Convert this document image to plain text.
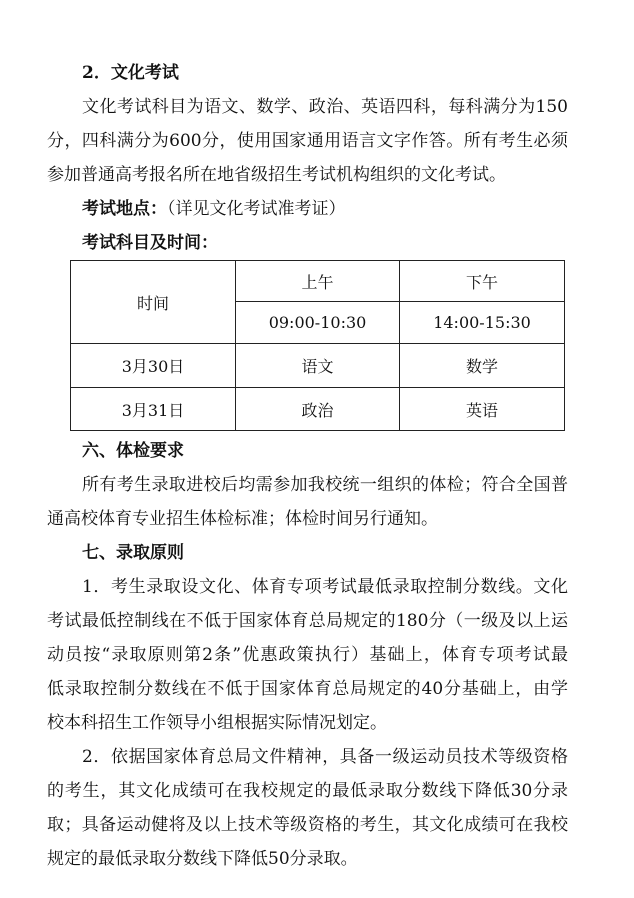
2．文化考试
文化考试科目为语文、数学、政治、英语四科，每科满分为150
分，四科满分为600分，使用国家通用语言文字作答。所有考生必须
参加普通高考报名所在地省级招生考试机构组织的文化考试。
考试地点：（详见文化考试准考证）
考试科目及时间：
时间	上午	下午
	09:00-10:30	14:00-15:30
3月30日	语文	数学
3月31日	政治	英语
六、体检要求
所有考生录取进校后均需参加我校统一组织的体检；符合全国普
通高校体育专业招生体检标准；体检时间另行通知。
七、录取原则
1．考生录取设文化、体育专项考试最低录取控制分数线。文化
考试最低控制线在不低于国家体育总局规定的180分（一级及以上运
动员按“录取原则第2条”优惠政策执行）基础上，体育专项考试最
低录取控制分数线在不低于国家体育总局规定的40分基础上，由学
校本科招生工作领导小组根据实际情况划定。
2．依据国家体育总局文件精神，具备一级运动员技术等级资格
的考生，其文化成绩可在我校规定的最低录取分数线下降低30分录
取；具备运动健将及以上技术等级资格的考生，其文化成绩可在我校
规定的最低录取分数线下降低50分录取。
